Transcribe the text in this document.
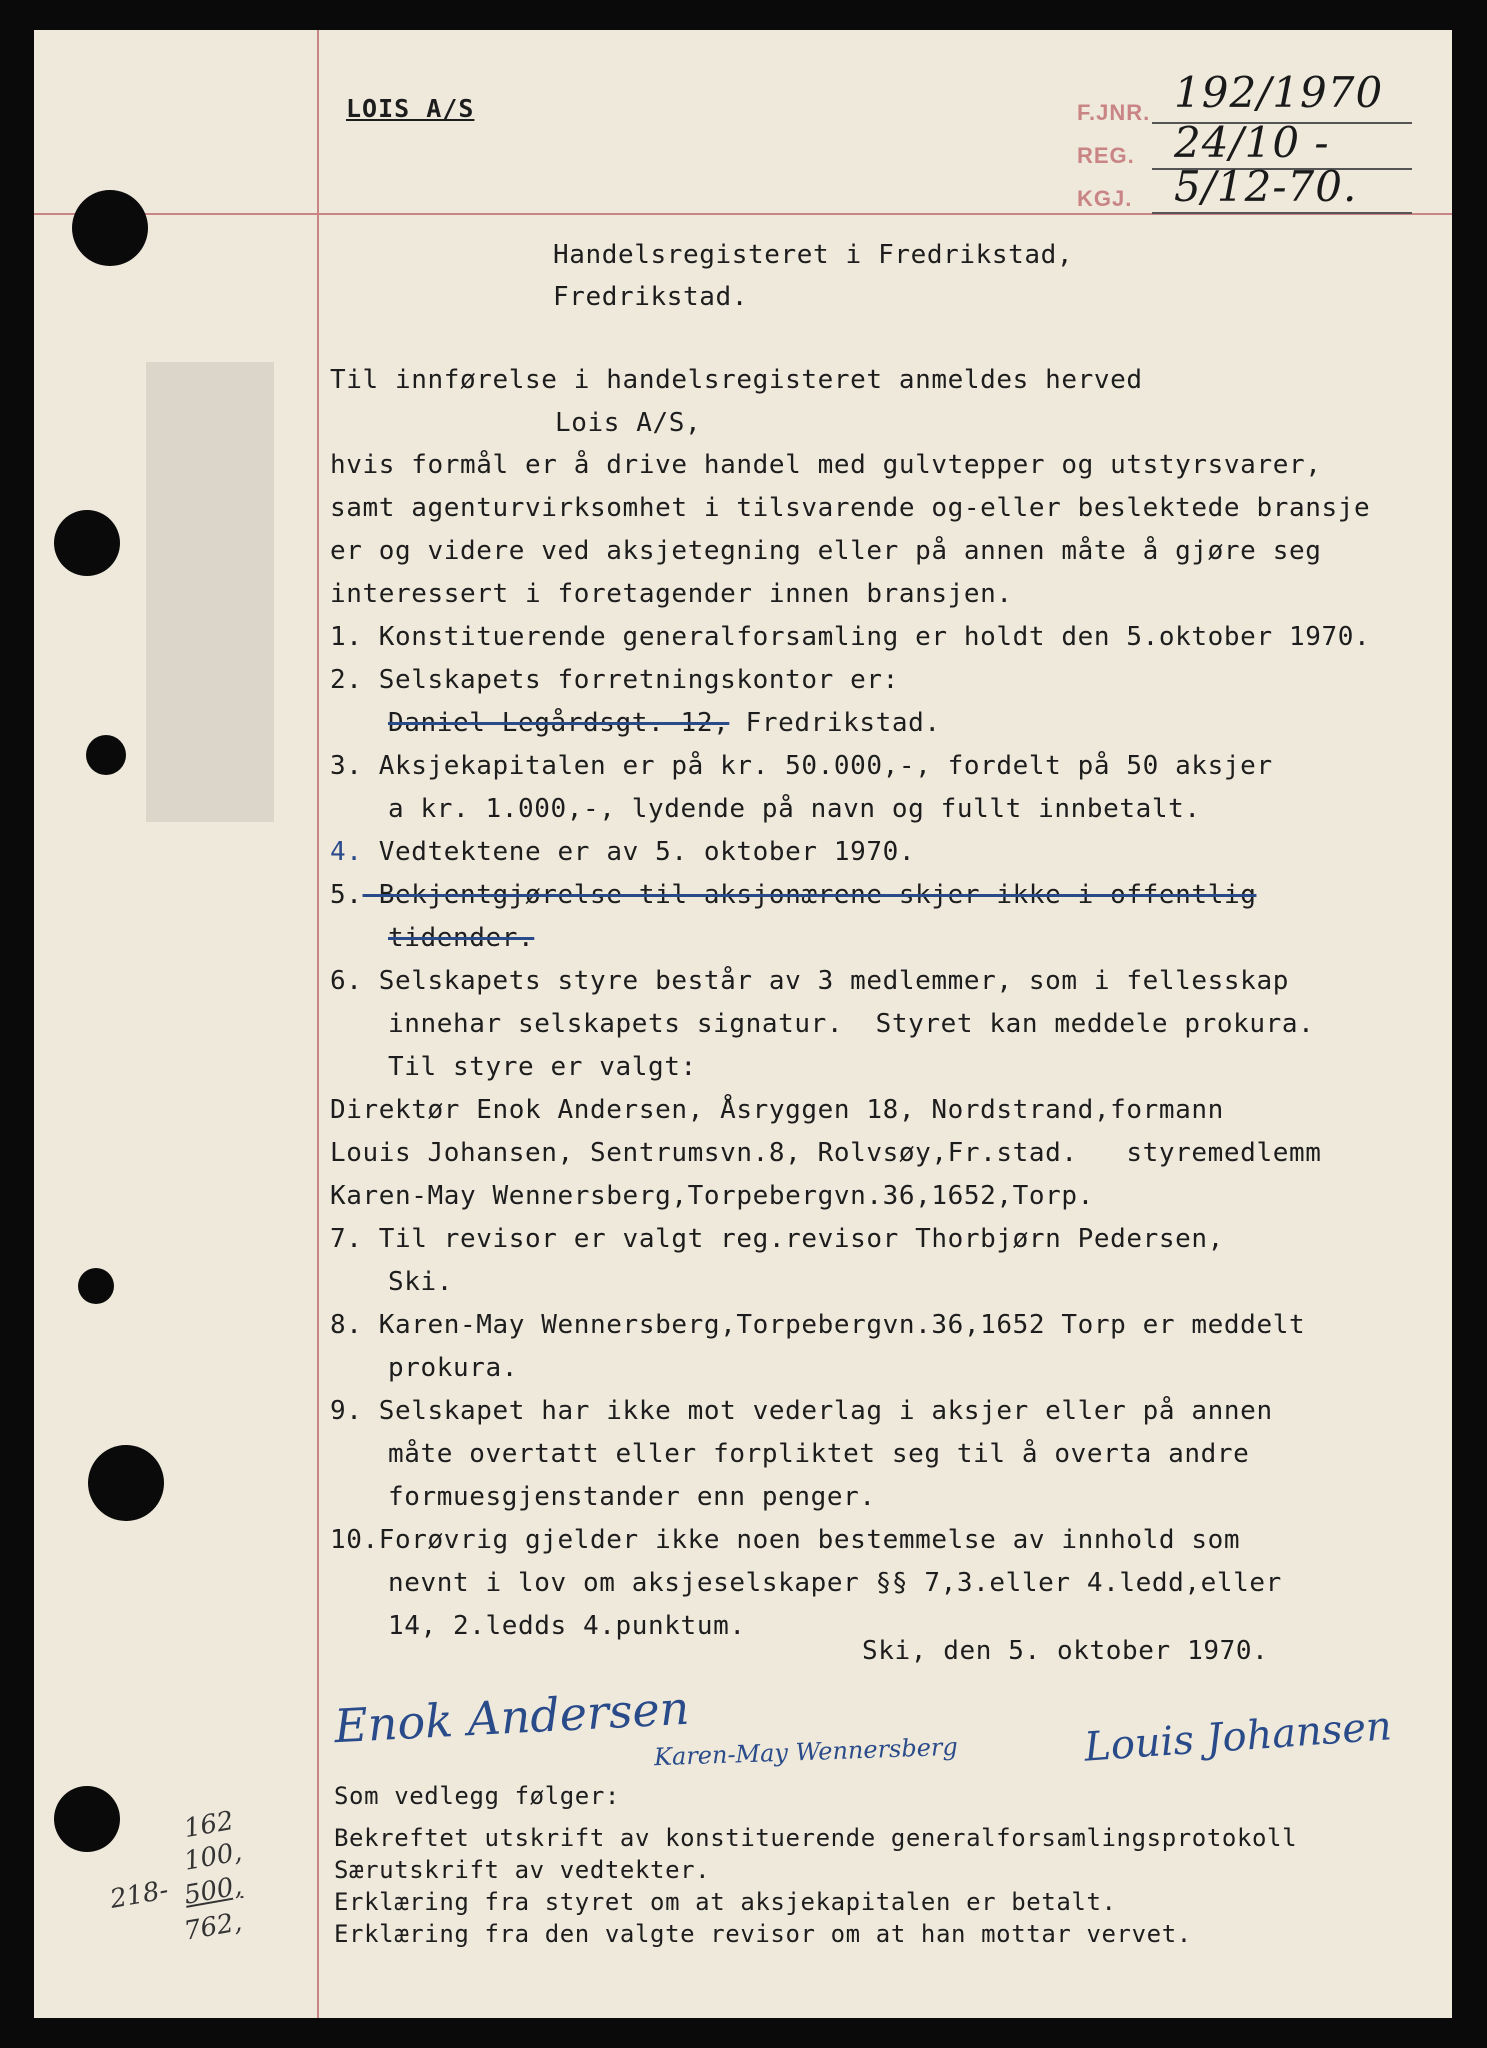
LOIS A/S	F.JNR. 192/1970
REG. 24/10 -
KGJ. 5/12-70.
Handelsregisteret i Fredrikstad,
Fredrikstad.
Til innførelse i handelsregisteret anmeldes herved
Lois A/S,
hvis formål er å drive handel med gulvtepper og utstyrsvarer,
samt agenturvirksomhet i tilsvarende og-eller beslektede bransje
er og videre ved aksjetegning eller på annen måte å gjøre seg
interessert i foretagender innen bransjen.
1. Konstituerende generalforsamling er holdt den 5.oktober 1970.
2. Selskapets forretningskontor er:
Daniel Legårdsgt. 12, Fredrikstad.
3. Aksjekapitalen er på kr. 50.000,-, fordelt på 50 aksjer
a kr. 1.000,-, lydende på navn og fullt innbetalt.
4. Vedtektene er av 5. oktober 1970.
5. Bekjentgjørelse til aksjonærene skjer ikke i offentlig
tidender.
6. Selskapets styre består av 3 medlemmer, som i fellesskap
innehar selskapets signatur.  Styret kan meddele prokura.
Til styre er valgt:
Direktør Enok Andersen, Åsryggen 18, Nordstrand,formann
Louis Johansen, Sentrumsvn.8, Rolvsøy,Fr.stad.   styremedlemm
Karen-May Wennersberg,Torpebergvn.36,1652,Torp.
7. Til revisor er valgt reg.revisor Thorbjørn Pedersen,
Ski.
8. Karen-May Wennersberg,Torpebergvn.36,1652 Torp er meddelt
prokura.
9. Selskapet har ikke mot vederlag i aksjer eller på annen
måte overtatt eller forpliktet seg til å overta andre
formuesgjenstander enn penger.
10.Forøvrig gjelder ikke noen bestemmelse av innhold som
nevnt i lov om aksjeselskaper §§ 7,3.eller 4.ledd,eller
14, 2.ledds 4.punktum.
Ski, den 5. oktober 1970.
Enok Andersen
Karen-May Wennersberg	Louis Johansen
Som vedlegg følger:
Bekreftet utskrift av konstituerende generalforsamlingsprotokoll
Særutskrift av vedtekter.
Erklæring fra styret om at aksjekapitalen er betalt.
Erklæring fra den valgte revisor om at han mottar vervet.
218-
162
100,
500,
762,
